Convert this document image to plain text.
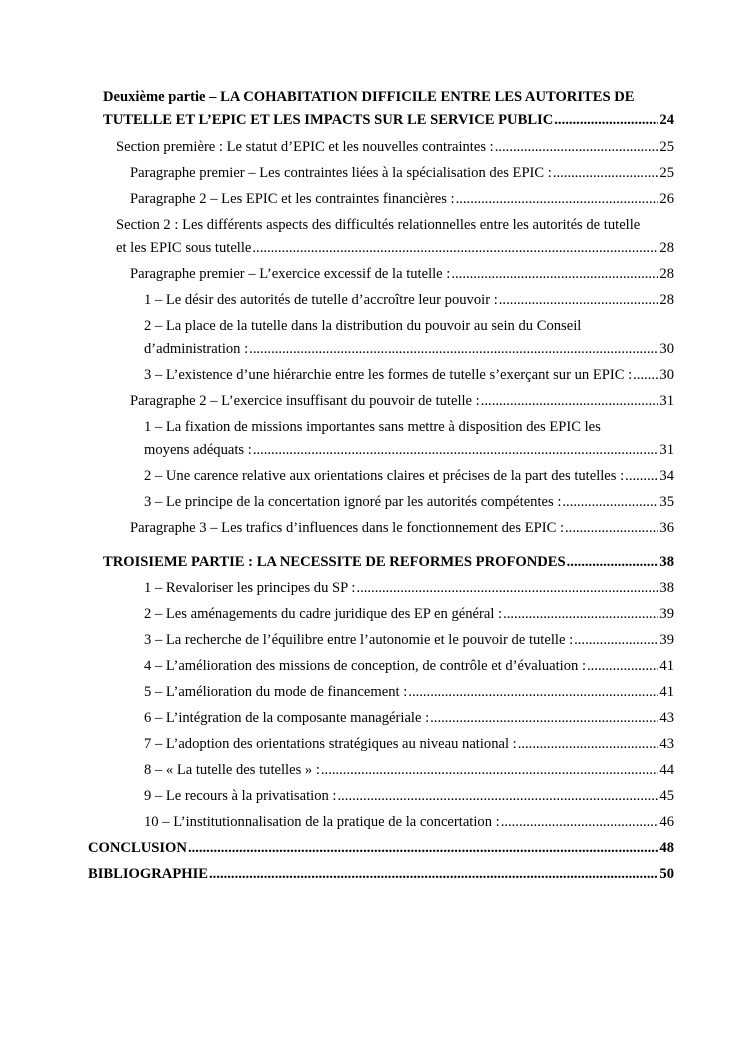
Deuxième partie – LA COHABITATION DIFFICILE ENTRE LES AUTORITES DE
TUTELLE ET L’EPIC ET LES IMPACTS SUR LE SERVICE PUBLIC .....	24
Section première : Le statut d’EPIC et les nouvelles contraintes : .....	25
Paragraphe premier – Les contraintes liées à la spécialisation des EPIC : .....	25
Paragraphe 2 – Les EPIC et les contraintes financières : .....	26
Section 2 : Les différents aspects des difficultés relationnelles entre les autorités de tutelle
et les EPIC sous tutelle .....	28
Paragraphe premier – L’exercice excessif de la tutelle : .....	28
1 – Le désir des autorités de tutelle d’accroître leur pouvoir : .....	28
2 – La place de la tutelle dans la distribution du pouvoir au sein du Conseil
d’administration : .....	30
3 – L’existence d’une hiérarchie entre les formes de tutelle s’exerçant sur un EPIC : ..... 30
Paragraphe 2 – L’exercice insuffisant du pouvoir de tutelle : .....	31
1 – La fixation de missions importantes sans mettre à disposition des EPIC les
moyens adéquats : .....	31
2 – Une carence relative aux orientations claires et précises de la part des tutelles : ..... 34
3 – Le principe de la concertation ignoré par les autorités compétentes : .....	35
Paragraphe 3 – Les trafics d’influences dans le fonctionnement des EPIC : .....	36
TROISIEME PARTIE : LA NECESSITE DE REFORMES PROFONDES .....	38
1 – Revaloriser les principes du SP : .....	38
2 – Les aménagements du cadre juridique des EP en général : .....	39
3 – La recherche de l’équilibre entre l’autonomie et le pouvoir de tutelle : .....	39
4 – L’amélioration des missions de conception, de contrôle et d’évaluation : .....	41
5 – L’amélioration du mode de financement : .....	41
6 – L’intégration de la composante managériale : .....	43
7 – L’adoption des orientations stratégiques au niveau national : .....	43
8 – « La tutelle des tutelles » : .....	44
9 – Le recours à la privatisation : .....	45
10 – L’institutionnalisation de la pratique de la concertation : .....	46
CONCLUSION .....	48
BIBLIOGRAPHIE .....	50
